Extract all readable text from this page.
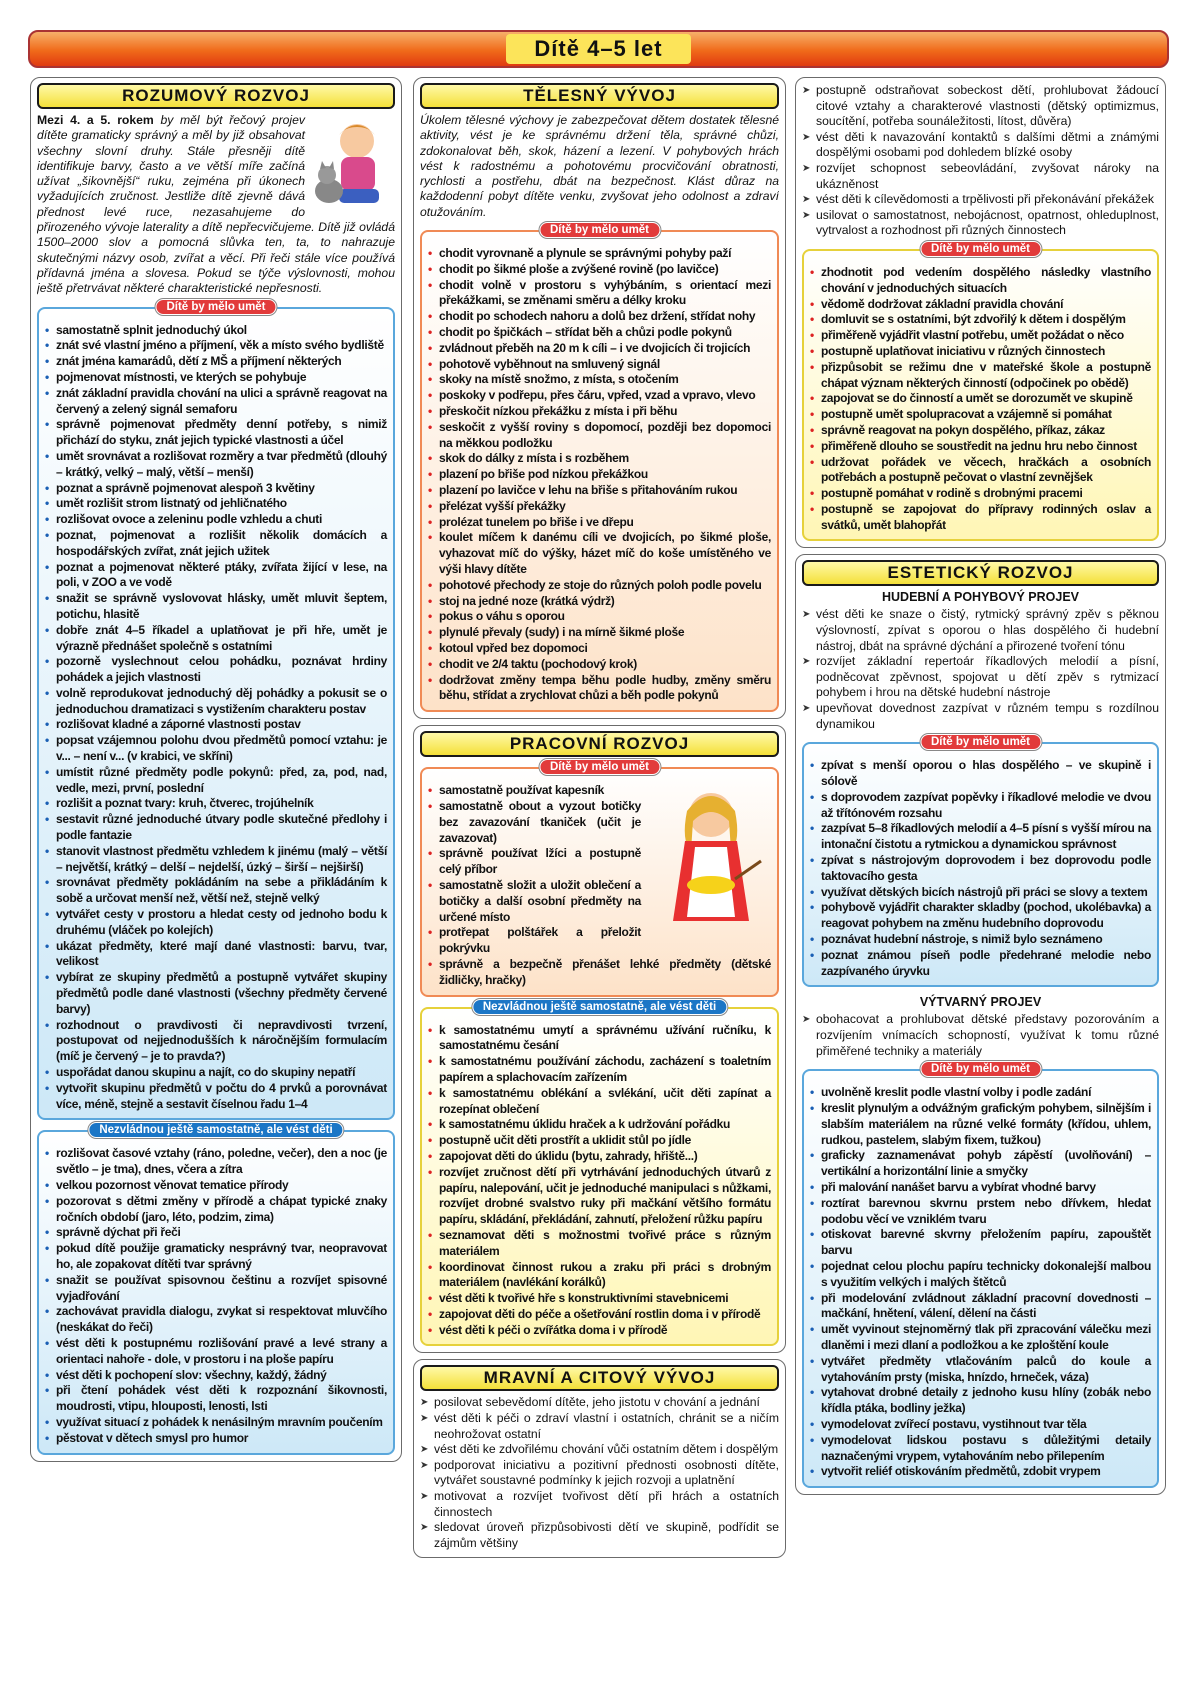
Dítě 4–5 let
ROZUMOVÝ ROZVOJ
Mezi 4. a 5. rokem by měl být řečový projev dítěte gramaticky správný a měl by již obsahovat všechny slovní druhy. Stále přesněji dítě identifikuje barvy, často a ve větší míře začíná užívat „šikovnější“ ruku, zejména při úkonech vyžadujících zručnost. Jestliže dítě zjevně dává přednost levé ruce, nezasahujeme do přirozeného vývoje laterality a dítě nepřecvičujeme. Dítě již ovládá 1500–2000 slov a pomocná slůvka ten, ta, to nahrazuje skutečnými názvy osob, zvířat a věcí. Při řeči stále více používá přídavná jména a slovesa. Pokud se týče výslovnosti, mohou ještě přetrvávat některé charakteristické nepřesnosti.
Dítě by mělo umět
• samostatně splnit jednoduchý úkol
• znát své vlastní jméno a příjmení, věk a místo svého bydliště
• znát jména kamarádů, dětí z MŠ a příjmení některých
• pojmenovat místnosti, ve kterých se pohybuje
• znát základní pravidla chování na ulici a správně reagovat na červený a zelený signál semaforu
• správně pojmenovat předměty denní potřeby, s nimiž přichází do styku, znát jejich typické vlastnosti a účel
• umět srovnávat a rozlišovat rozměry a tvar předmětů (dlouhý – krátký, velký – malý, větší – menší)
• poznat a správně pojmenovat alespoň 3 květiny
• umět rozlišit strom listnatý od jehličnatého
• rozlišovat ovoce a zeleninu podle vzhledu a chuti
• poznat, pojmenovat a rozlišit několik domácích a hospodářských zvířat, znát jejich užitek
• poznat a pojmenovat některé ptáky, zvířata žijící v lese, na poli, v ZOO a ve vodě
• snažit se správně vyslovovat hlásky, umět mluvit šeptem, potichu, hlasitě
• dobře znát 4–5 říkadel a uplatňovat je při hře, umět je výrazně přednášet společně s ostatními
• pozorně vyslechnout celou pohádku, poznávat hrdiny pohádek a jejich vlastnosti
• volně reprodukovat jednoduchý děj pohádky a pokusit se o jednoduchou dramatizaci s vystižením charakteru postav
• rozlišovat kladné a záporné vlastnosti postav
• popsat vzájemnou polohu dvou předmětů pomocí vztahu: je v... – není v... (v krabici, ve skříni)
• umístit různé předměty podle pokynů: před, za, pod, nad, vedle, mezi, první, poslední
• rozlišit a poznat tvary: kruh, čtverec, trojúhelník
• sestavit různé jednoduché útvary podle skutečné předlohy i podle fantazie
• stanovit vlastnost předmětu vzhledem k jinému (malý – větší – největší, krátký – delší – nejdelší, úzký – širší – nejširší)
• srovnávat předměty pokládáním na sebe a přikládáním k sobě a určovat menší než, větší než, stejně velký
• vytvářet cesty v prostoru a hledat cesty od jednoho bodu k druhému (vláček po kolejích)
• ukázat předměty, které mají dané vlastnosti: barvu, tvar, velikost
• vybírat ze skupiny předmětů a postupně vytvářet skupiny předmětů podle dané vlastnosti (všechny předměty červené barvy)
• rozhodnout o pravdivosti či nepravdivosti tvrzení, postupovat od nejjednodušších k náročnějším formulacím (míč je červený – je to pravda?)
• uspořádat danou skupinu a najít, co do skupiny nepatří
• vytvořit skupinu předmětů v počtu do 4 prvků a porovnávat více, méně, stejně a sestavit číselnou řadu 1–4
Nezvládnou ještě samostatně, ale vést děti
• rozlišovat časové vztahy (ráno, poledne, večer), den a noc (je světlo – je tma), dnes, včera a zítra
• velkou pozornost věnovat tematice přírody
• pozorovat s dětmi změny v přírodě a chápat typické znaky ročních období (jaro, léto, podzim, zima)
• správně dýchat při řeči
• pokud dítě použije gramaticky nesprávný tvar, neopravovat ho, ale zopakovat dítěti tvar správný
• snažit se používat spisovnou češtinu a rozvíjet spisovné vyjadřování
• zachovávat pravidla dialogu, zvykat si respektovat mluvčího (neskákat do řeči)
• vést děti k postupnému rozlišování pravé a levé strany a orientaci nahoře - dole, v prostoru i na ploše papíru
• vést děti k pochopení slov: všechny, každý, žádný
• při čtení pohádek vést děti k rozpoznání šikovnosti, moudrosti, vtipu, hlouposti, lenosti, lsti
• využívat situací z pohádek k nenásilným mravním poučením
• pěstovat v dětech smysl pro humor
TĚLESNÝ VÝVOJ
Úkolem tělesné výchovy je zabezpečovat dětem dostatek tělesné aktivity, vést je ke správnému držení těla, správné chůzi, zdokonalovat běh, skok, házení a lezení. V pohybových hrách vést k radostnému a pohotovému procvičování obratnosti, rychlosti a postřehu, dbát na bezpečnost. Klást důraz na každodenní pobyt dítěte venku, zvyšovat jeho odolnost a zdraví otužováním.
Dítě by mělo umět
• chodit vyrovnaně a plynule se správnými pohyby paží
• chodit po šikmé ploše a zvýšené rovině (po lavičce)
• chodit volně v prostoru s vyhýbáním, s orientací mezi překážkami, se změnami směru a délky kroku
• chodit po schodech nahoru a dolů bez držení, střídat nohy
• chodit po špičkách – střídat běh a chůzi podle pokynů
• zvládnout přeběh na 20 m k cíli – i ve dvojicích či trojicích
• pohotově vyběhnout na smluvený signál
• skoky na místě snožmo, z místa, s otočením
• poskoky v podřepu, přes čáru, vpřed, vzad a vpravo, vlevo
• přeskočit nízkou překážku z místa i při běhu
• seskočit z vyšší roviny s dopomocí, později bez dopomoci na měkkou podložku
• skok do dálky z místa i s rozběhem
• plazení po břiše pod nízkou překážkou
• plazení po lavičce v lehu na břiše s přitahováním rukou
• přelézat vyšší překážky
• prolézat tunelem po břiše i ve dřepu
• koulet míčem k danému cíli ve dvojicích, po šikmé ploše, vyhazovat míč do výšky, házet míč do koše umístěného ve výši hlavy dítěte
• pohotové přechody ze stoje do různých poloh podle povelu
• stoj na jedné noze (krátká výdrž)
• pokus o váhu s oporou
• plynulé převaly (sudy) i na mírně šikmé ploše
• kotoul vpřed bez dopomoci
• chodit ve 2/4 taktu (pochodový krok)
• dodržovat změny tempa běhu podle hudby, změny směru běhu, střídat a zrychlovat chůzi a běh podle pokynů
PRACOVNÍ ROZVOJ
Dítě by mělo umět
• samostatně používat kapesník
• samostatně obout a vyzout botičky bez zavazování tkaniček (učit je zavazovat)
• správně používat lžíci a postupně celý příbor
• samostatně složit a uložit oblečení a botičky a další osobní předměty na určené místo
• protřepat polštářek a přeložit pokrývku
• správně a bezpečně přenášet lehké předměty (dětské židličky, hračky)
Nezvládnou ještě samostatně, ale vést děti
• k samostatnému umytí a správnému užívání ručníku, k samostatnému česání
• k samostatnému používání záchodu, zacházení s toaletním papírem a splachovacím zařízením
• k samostatnému oblékání a svlékání, učit děti zapínat a rozepínat oblečení
• k samostatnému úklidu hraček a k udržování pořádku
• postupně učit děti prostřít a uklidit stůl po jídle
• zapojovat děti do úklidu (bytu, zahrady, hřiště...)
• rozvíjet zručnost dětí při vytrhávání jednoduchých útvarů z papíru, nalepování, učit je jednoduché manipulaci s nůžkami, rozvíjet drobné svalstvo ruky při mačkání většího formátu papíru, skládání, překládání, zahnutí, přeložení růžku papíru
• seznamovat děti s možnostmi tvořivé práce s různým materiálem
• koordinovat činnost rukou a zraku při práci s drobným materiálem (navlékání korálků)
• vést děti k tvořivé hře s konstruktivními stavebnicemi
• zapojovat děti do péče a ošetřování rostlin doma i v přírodě
• vést děti k péči o zvířátka doma i v přírodě
MRAVNÍ A CITOVÝ VÝVOJ
➤ posilovat sebevědomí dítěte, jeho jistotu v chování a jednání
➤ vést děti k péči o zdraví vlastní i ostatních, chránit se a ničím neohrožovat ostatní
➤ vést děti ke zdvořilému chování vůči ostatním dětem i dospělým
➤ podporovat iniciativu a pozitivní přednosti osobnosti dítěte, vytvářet soustavné podmínky k jejich rozvoji a uplatnění
➤ motivovat a rozvíjet tvořivost dětí při hrách a ostatních činnostech
➤ sledovat úroveň přizpůsobivosti dětí ve skupině, podřídit se zájmům většiny
➤ postupně odstraňovat sobeckost dětí, prohlubovat žádoucí citové vztahy a charakterové vlastnosti (dětský optimizmus, soucítění, potřeba sounáležitosti, lítost, důvěra)
➤ vést děti k navazování kontaktů s dalšími dětmi a známými dospělými osobami pod dohledem blízké osoby
➤ rozvíjet schopnost sebeovládání, zvyšovat nároky na ukázněnost
➤ vést děti k cílevědomosti a trpělivosti při překonávání překážek
➤ usilovat o samostatnost, nebojácnost, opatrnost, ohleduplnost, vytrvalost a rozhodnost při různých činnostech
Dítě by mělo umět
• zhodnotit pod vedením dospělého následky vlastního chování v jednoduchých situacích
• vědomě dodržovat základní pravidla chování
• domluvit se s ostatními, být zdvořilý k dětem i dospělým
• přiměřeně vyjádřit vlastní potřebu, umět požádat o něco
• postupně uplatňovat iniciativu v různých činnostech
• přizpůsobit se režimu dne v mateřské škole a postupně chápat význam některých činností (odpočinek po obědě)
• zapojovat se do činností a umět se dorozumět ve skupině
• postupně umět spolupracovat a vzájemně si pomáhat
• správně reagovat na pokyn dospělého, příkaz, zákaz
• přiměřeně dlouho se soustředit na jednu hru nebo činnost
• udržovat pořádek ve věcech, hračkách a osobních potřebách a postupně pečovat o vlastní zevnějšek
• postupně pomáhat v rodině s drobnými pracemi
• postupně se zapojovat do přípravy rodinných oslav a svátků, umět blahopřát
ESTETICKÝ ROZVOJ
HUDEBNÍ A POHYBOVÝ PROJEV
➤ vést děti ke snaze o čistý, rytmický správný zpěv s pěknou výslovností, zpívat s oporou o hlas dospělého či hudební nástroj, dbát na správné dýchání a přirozené tvoření tónu
➤ rozvíjet základní repertoár říkadlových melodií a písní, podněcovat zpěvnost, spojovat u dětí zpěv s rytmizací pohybem i hrou na dětské hudební nástroje
➤ upevňovat dovednost zazpívat v různém tempu s rozdílnou dynamikou
Dítě by mělo umět
• zpívat s menší oporou o hlas dospělého – ve skupině i sólově
• s doprovodem zazpívat popěvky i říkadlové melodie ve dvou až třítónovém rozsahu
• zazpívat 5–8 říkadlových melodií a 4–5 písní s vyšší mírou na intonační čistotu a rytmickou a dynamickou správnost
• zpívat s nástrojovým doprovodem i bez doprovodu podle taktovacího gesta
• využívat dětských bicích nástrojů při práci se slovy a textem
• pohybově vyjádřit charakter skladby (pochod, ukolébavka) a reagovat pohybem na změnu hudebního doprovodu
• poznávat hudební nástroje, s nimiž bylo seznámeno
• poznat známou píseň podle předehrané melodie nebo zazpívaného úryvku
VÝTVARNÝ PROJEV
➤ obohacovat a prohlubovat dětské představy pozorováním a rozvíjením vnímacích schopností, využívat k tomu různé přiměřené techniky a materiály
Dítě by mělo umět
• uvolněně kreslit podle vlastní volby i podle zadání
• kreslit plynulým a odvážným grafickým pohybem, silnějším i slabším materiálem na různé velké formáty (křídou, uhlem, rudkou, pastelem, slabým fixem, tužkou)
• graficky zaznamenávat pohyb zápěstí (uvolňování) – vertikální a horizontální linie a smyčky
• při malování nanášet barvu a vybírat vhodné barvy
• roztírat barevnou skvrnu prstem nebo dřívkem, hledat podobu věcí ve vzniklém tvaru
• otiskovat barevné skvrny přeložením papíru, zapouštět barvu
• pojednat celou plochu papíru technicky dokonalejší malbou s využitím velkých i malých štětců
• při modelování zvládnout základní pracovní dovednosti – mačkání, hnětení, válení, dělení na části
• umět vyvinout stejnoměrný tlak při zpracování válečku mezi dlaněmi i mezi dlaní a podložkou a ke zploštění koule
• vytvářet předměty vtlačováním palců do koule a vytahováním prsty (miska, hnízdo, hrneček, váza)
• vytahovat drobné detaily z jednoho kusu hlíny (zobák nebo křídla ptáka, bodliny ježka)
• vymodelovat zvířecí postavu, vystihnout tvar těla
• vymodelovat lidskou postavu s důležitými detaily naznačenými vrypem, vytahováním nebo přilepením
• vytvořit reliéf otiskováním předmětů, zdobit vrypem
